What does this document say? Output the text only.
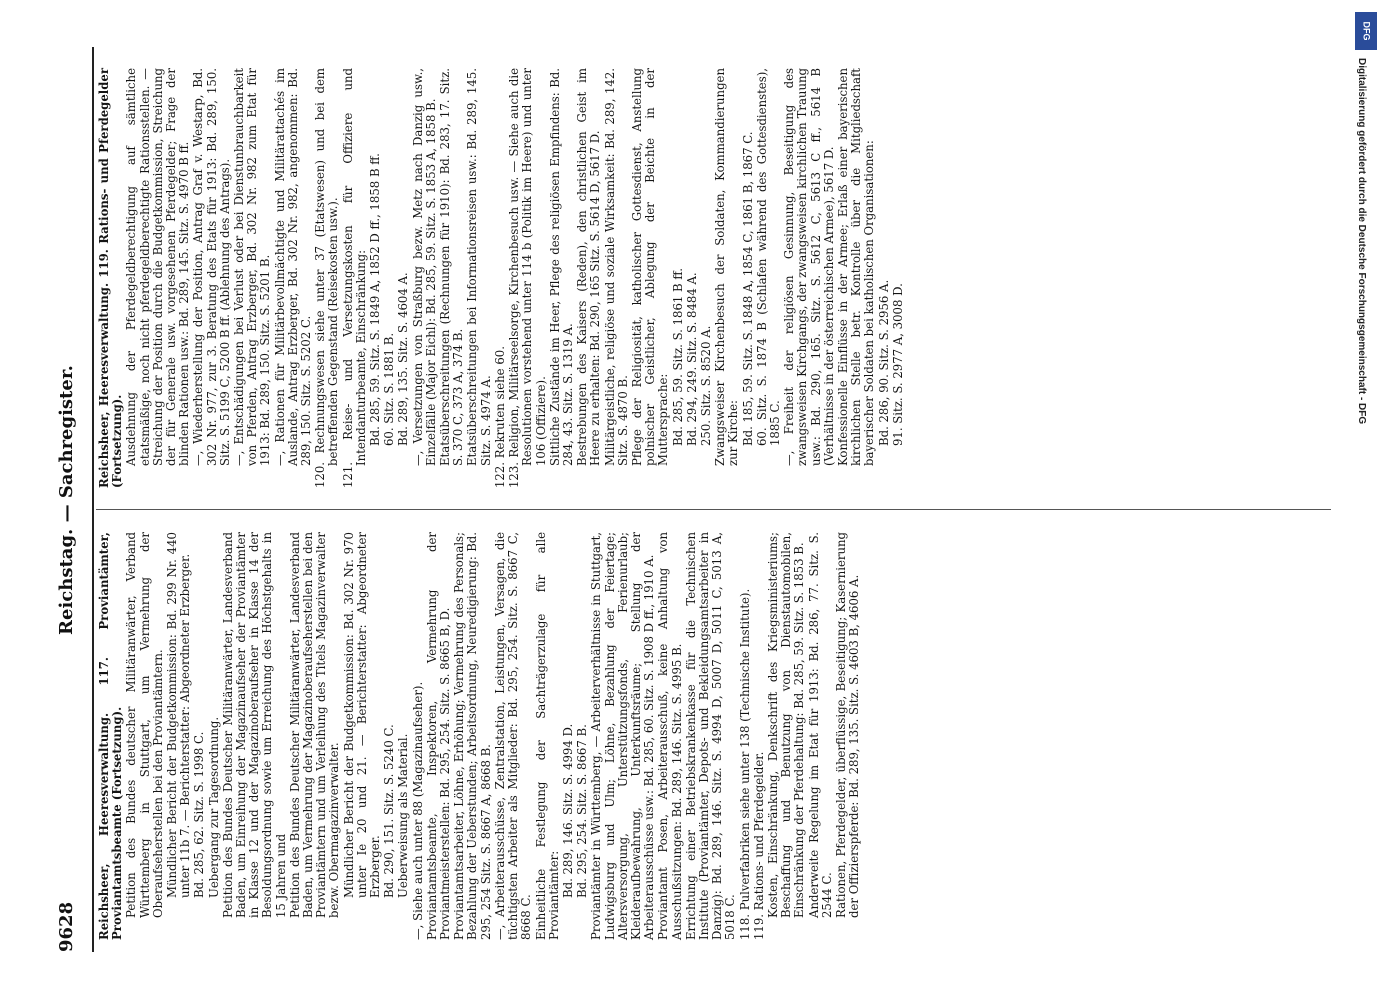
9628
Reichstag. — Sachregister.

Reichsheer, Heeresverwaltung. 117. Proviantämter, Proviantamtsbeamte (Fortsetzung). Petition des Bundes deutscher Militäranwärter, Verband Württemberg in Stuttgart, um Vermehrung der Oberaufseherstellen bei den Proviantämtern. Mündlicher Bericht der Budgetkommission: Bd. 299 Nr. 440 unter 11b 7. — Berichterstatter: Abgeordneter Erzberger. Bd. 285, 62. Sitz. S. 1998 C. Uebergang zur Tagesordnung. Petition des Bundes Deutscher Militäranwärter, Landesverband Baden, um Einreihung der Magazinaufseher der Proviantämter in Klasse 12 und der Magazinoberaufseher in Klasse 14 der Besoldungsordnung sowie um Erreichung des Höchstgehalts in 15 Jahren und Petition des Bundes Deutscher Militäranwärter, Landesverband Baden, um Vermehrung der Magazinoberaufseherstellen bei den Proviantämtern und um Verleihung des Titels Magazinverwalter bezw. Obermagazinverwalter. Mündlicher Bericht der Budgetkommission: Bd. 302 Nr. 970 unter Ie 20 und 21. — Berichterstatter: Abgeordneter Erzberger. Bd. 290, 151. Sitz. S. 5240 C. Ueberweisung als Material. —, Siehe auch unter 88 (Magazinaufseher). Proviantamtsbeamte, Inspektoren, Vermehrung der Proviantmeisterstellen: Bd. 295, 254. Sitz. S. 8665 B, D. Proviantamtsarbeiter, Löhne, Erhöhung; Vermehrung des Personals; Bezahlung der Ueberstunden; Arbeitsordnung, Neuredigierung: Bd. 295, 254 Sitz. S. 8667 A, 8668 B. —, Arbeiterausschüsse, Zentralstation, Leistungen, Versagen, die tüchtigsten Arbeiter als Mitglieder: Bd. 295, 254. Sitz. S. 8667 C, 8668 C. Einheitliche Festlegung der Sachträgerzulage für alle Proviantämter: Bd. 289, 146. Sitz. S. 4994 D. Bd. 295, 254. Sitz. S. 8667 B. Proviantämter in Württemberg, — Arbeiterverhältnisse in Stuttgart, Ludwigsburg und Ulm; Löhne, Bezahlung der Feiertage; Altersversorgung, Unterstützungsfonds, Ferienurlaub; Kleiderauſbewahrung, Unterkunftsräume; Stellung der Arbeiterausschüsse usw.: Bd. 285, 60. Sitz. S. 1908 D ff., 1910 A. Proviantamt Posen, Arbeiterausschuß, keine Anhaltung von Ausschußsitzungen: Bd. 289, 146. Sitz. S. 4995 B. Errichtung einer Betriebskrankenkasse für die Technischen Institute (Proviantämter, Depots- und Bekleidungsamtsarbeiter in Danzig): Bd. 289, 146. Sitz. S. 4994 D, 5007 D, 5011 C, 5013 A, 5018 C. 118. Pulverfabriken siehe unter 138 (Technische Institute). 119. Rations- und Pferdegelder. Kosten, Einschränkung, Denkschrift des Kriegsministeriums; Beschaffung und Benutzung von Dienstautomobilen, Einschränkung der Pferdehaltung: Bd. 285, 59. Sitz. S. 1853 B. Anderweite Regelung im Etat für 1913: Bd. 286, 77. Sitz. S. 2544 C. Rationen, Pferdegelder, überflüssige, Beseitigung; Kasernierung der Offizierspferde: Bd. 289, 135. Sitz. S. 4603 B, 4606 A.

Reichsheer, Heeresverwaltung. 119. Rations- und Pferdegelder (Fortsetzung). Ausdehnung der Pferdegeldberechtigung auf sämtliche etatsmäßige, noch nicht pferdegeldberechtigte Rationsstellen. — Streichung der Position durch die Budgetkommission, Streichung der für Generale usw. vorgesehenen Pferdegelder; Frage der blinden Rationen usw.: Bd. 289, 145. Sitz. S. 4970 B ff. —, Wiederherstellung der Position, Antrag Graf v. Westarp, Bd. 302 Nr. 977, zur 3. Beratung des Etats für 1913: Bd. 289, 150. Sitz. S. 5199 C, 5200 B ff. (Ablehnung des Antrags). —, Entschädigungen bei Verlust oder bei Dienstunbrauchbarkeit von Pferden, Antrag Erzberger, Bd. 302 Nr. 982 zum Etat für 1913: Bd. 289, 150. Sitz. S. 5201 B. —, Rationen für Militärbevollmächtigte und Militärattachés im Auslande, Antrag Erzberger, Bd. 302 Nr. 982, angenommen: Bd. 289, 150. Sitz. S. 5202 C. 120. Rechnungswesen siehe unter 37 (Etatswesen) und bei dem betreffenden Gegenstand (Reisekosten usw.). 121. Reise- und Versetzungskosten für Offiziere und Intendanturbeamte, Einschränkung: Bd. 285, 59. Sitz. S. 1849 A, 1852 D ff., 1858 B ff. 60. Sitz. S. 1881 B. Bd. 289, 135. Sitz. S. 4604 A. —, Versetzungen von Straßburg bezw. Metz nach Danzig usw., Einzelfälle (Major Eichl): Bd. 285, 59. Sitz. S. 1853 A, 1858 B. Etatsüberschreitungen (Rechnungen für 1910): Bd. 283, 17. Sitz. S. 370 C, 373 A, 374 B. Etatsüberschreitungen bei Informationsreisen usw.: Bd. 289, 145. Sitz. S. 4974 A. 122. Rekruten siehe 60. 123. Religion, Militärseelsorge, Kirchenbesuch usw. — Siehe auch die Resolutionen vorstehend unter 114 b (Politik im Heere) und unter 106 (Offiziere). Sittliche Zustände im Heer, Pflege des religiösen Empfindens: Bd. 284, 43. Sitz. S. 1319 A. Bestrebungen des Kaisers (Reden), den christlichen Geist im Heere zu erhalten: Bd. 290, 165 Sitz. S. 5614 D, 5617 D. Militärgeistliche, religiöse und soziale Wirksamkeit: Bd. 289, 142. Sitz. S. 4870 B. Pflege der Religiosität, katholischer Gottesdienst, Anstellung polnischer Geistlicher, Ablegung der Beichte in der Muttersprache: Bd. 285, 59. Sitz. S. 1861 B ff. Bd. 294, 249. Sitz. S. 8484 A. 250. Sitz. S. 8520 A. Zwangsweiser Kirchenbesuch der Soldaten, Kommandierungen zur Kirche: Bd. 185, 59. Sitz. S. 1848 A, 1854 C, 1861 B, 1867 C. 60. Sitz. S. 1874 B (Schlafen während des Gottesdienstes), 1885 C. —, Freiheit der religiösen Gesinnung, Beseitigung des zwangsweisen Kirchgangs, der zwangsweisen kirchlichen Trauung usw.: Bd. 290, 165. Sitz. S. 5612 C, 5613 C ff., 5614 B (Verhältnisse in der österreichischen Armee), 5617 D. Konfessionelle Einflüsse in der Armee; Erlaß einer bayerischen kirchlichen Stelle betr. Kontrolle über die Mitgliedschaft bayerischer Soldaten bei katholischen Organisationen: Bd. 286, 90. Sitz. S. 2956 A. 91. Sitz. S. 2977 A, 3008 D.

DFG
Digitalisierung gefördert durch die Deutsche Forschungsgemeinschaft - DFG
